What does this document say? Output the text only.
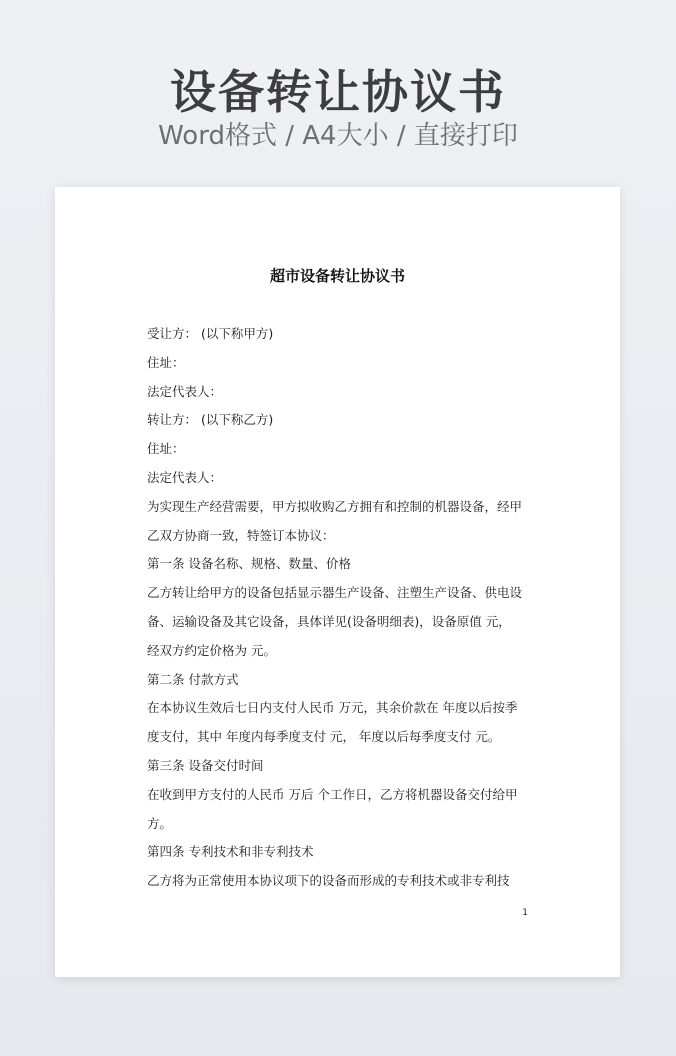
设备转让协议书
Word格式 / A4大小 / 直接打印
超市设备转让协议书

受让方： (以下称甲方)

住址：

法定代表人：

转让方： (以下称乙方)

住址：

法定代表人：

为实现生产经营需要，甲方拟收购乙方拥有和控制的机器设备，经甲

乙双方协商一致，特签订本协议：

第一条 设备名称、规格、数量、价格

乙方转让给甲方的设备包括显示器生产设备、注塑生产设备、供电设

备、运输设备及其它设备，具体详见(设备明细表)，设备原值 元，

经双方约定价格为 元。

第二条 付款方式

在本协议生效后七日内支付人民币 万元，其余价款在 年度以后按季

度支付，其中 年度内每季度支付 元， 年度以后每季度支付 元。

第三条 设备交付时间

在收到甲方支付的人民币 万后 个工作日，乙方将机器设备交付给甲

方。

第四条 专利技术和非专利技术

乙方将为正常使用本协议项下的设备而形成的专利技术或非专利技

1
